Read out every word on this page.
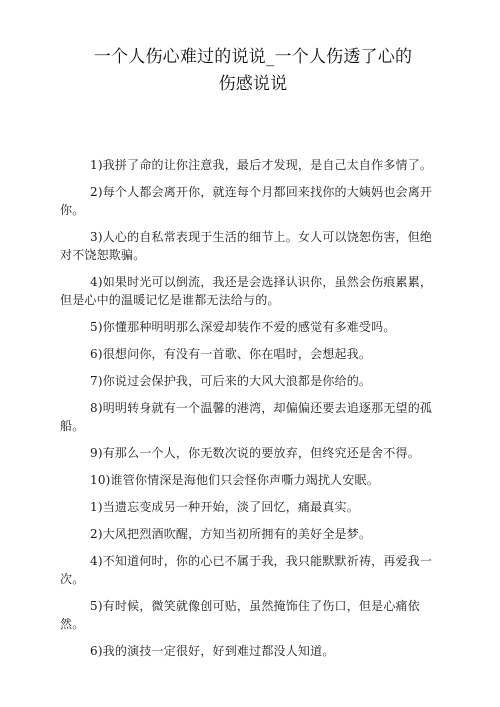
一个人伤心难过的说说_一个人伤透了心的伤感说说

1)我拼了命的让你注意我，最后才发现，是自己太自作多情了。

2)每个人都会离开你，就连每个月都回来找你的大姨妈也会离开你。

3)人心的自私常表现于生活的细节上。女人可以饶恕伤害，但绝对不饶恕欺骗。

4)如果时光可以倒流，我还是会选择认识你，虽然会伤痕累累，但是心中的温暖记忆是谁都无法给与的。

5)你懂那种明明那么深爱却装作不爱的感觉有多难受吗。

6)很想问你，有没有一首歌、你在唱时，会想起我。

7)你说过会保护我，可后来的大风大浪都是你给的。

8)明明转身就有一个温馨的港湾，却偏偏还要去追逐那无望的孤船。

9)有那么一个人，你无数次说的要放弃，但终究还是舍不得。

10)谁管你情深是海他们只会怪你声嘶力竭扰人安眠。

1)当遗忘变成另一种开始，淡了回忆，痛最真实。

2)大风把烈酒吹醒，方知当初所拥有的美好全是梦。

4)不知道何时，你的心已不属于我，我只能默默祈祷，再爱我一次。

5)有时候，微笑就像创可贴，虽然掩饰住了伤口，但是心痛依然。

6)我的演技一定很好，好到难过都没人知道。
